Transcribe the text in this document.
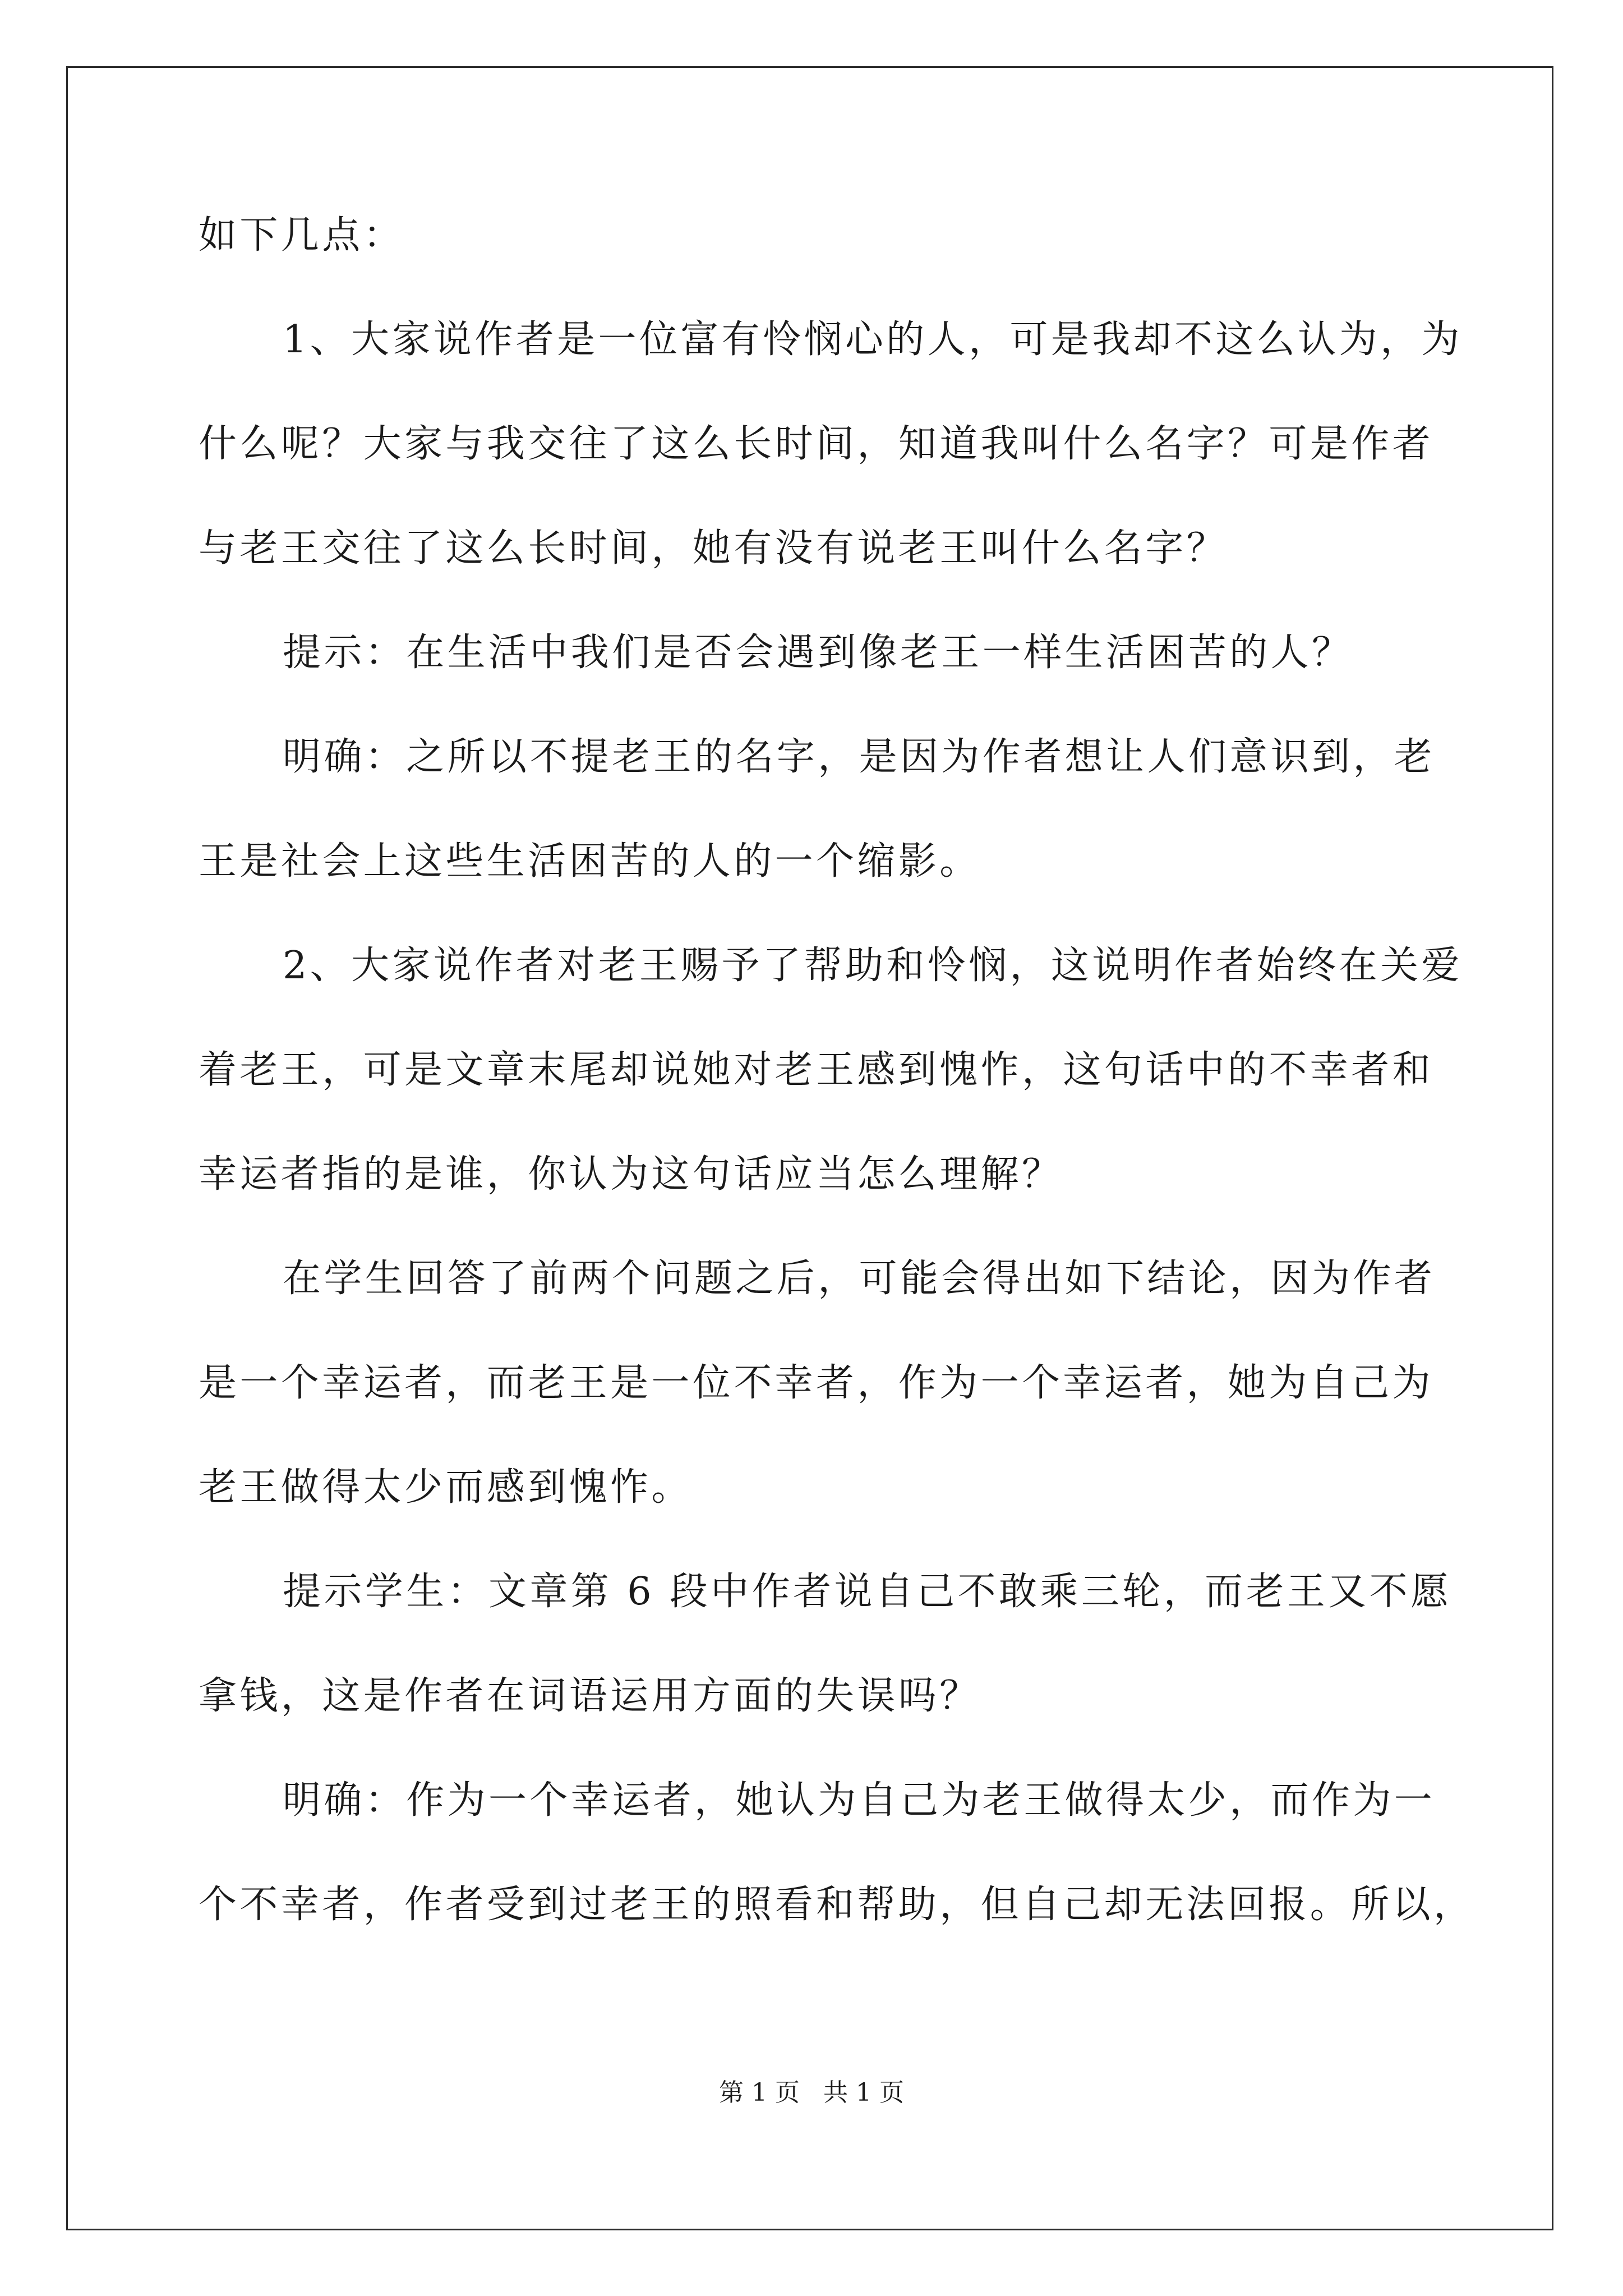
如下几点：
1、大家说作者是一位富有怜悯心的人，可是我却不这么认为，为
什么呢？大家与我交往了这么长时间，知道我叫什么名字？可是作者
与老王交往了这么长时间，她有没有说老王叫什么名字？
提示：在生活中我们是否会遇到像老王一样生活困苦的人？
明确：之所以不提老王的名字，是因为作者想让人们意识到，老
王是社会上这些生活困苦的人的一个缩影。
2、大家说作者对老王赐予了帮助和怜悯，这说明作者始终在关爱
着老王，可是文章末尾却说她对老王感到愧怍，这句话中的不幸者和
幸运者指的是谁，你认为这句话应当怎么理解？
在学生回答了前两个问题之后，可能会得出如下结论，因为作者
是一个幸运者，而老王是一位不幸者，作为一个幸运者，她为自己为
老王做得太少而感到愧怍。
提示学生：文章第 6 段中作者说自己不敢乘三轮，而老王又不愿
拿钱，这是作者在词语运用方面的失误吗？
明确：作为一个幸运者，她认为自己为老王做得太少，而作为一
个不幸者，作者受到过老王的照看和帮助，但自己却无法回报。所以，
第 1 页   共 1 页
